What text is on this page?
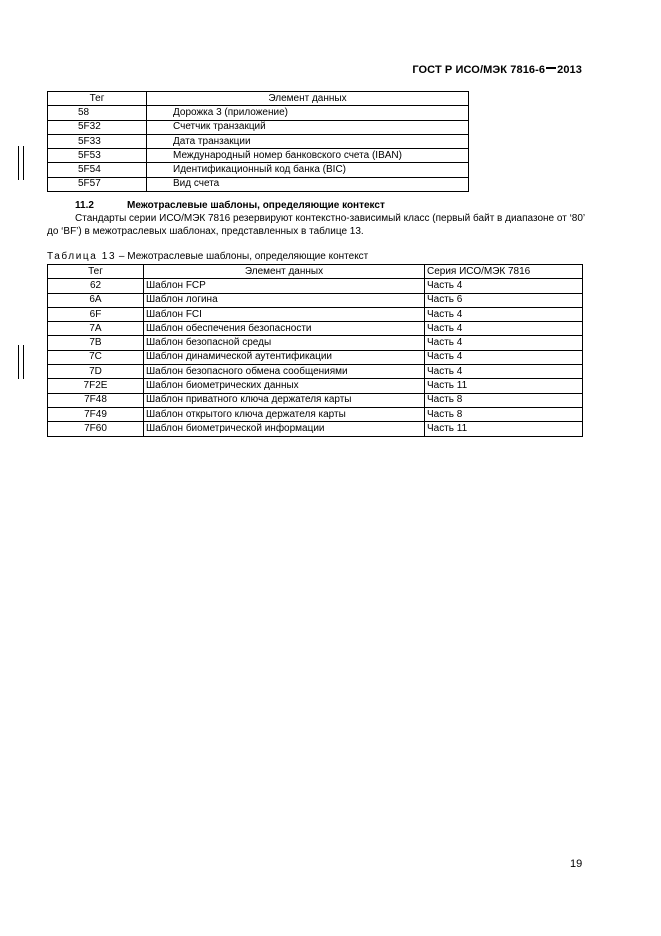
ГОСТ Р ИСО/МЭК 7816-6 2013
Тег	Элемент данных
58	Дорожка 3 (приложение)
5F32	Счетчик транзакций
5F33	Дата транзакции
5F53	Международный номер банковского счета (IBAN)
5F54	Идентификационный код банка (BIC)
5F57	Вид счета
11.2	Межотраслевые шаблоны, определяющие контекст
Стандарты серии ИСО/МЭК 7816 резервируют контекстно-зависимый класс (первый байт в диапазоне от ‘80’ до ‘BF’) в межотраслевых шаблонах, представленных в таблице 13.
Таблица 13 – Межотраслевые шаблоны, определяющие контекст
Тег	Элемент данных	Серия ИСО/МЭК 7816
62	Шаблон FCP	Часть 4
6A	Шаблон логина	Часть 6
6F	Шаблон FCI	Часть 4
7A	Шаблон обеспечения безопасности	Часть 4
7B	Шаблон безопасной среды	Часть 4
7C	Шаблон динамической аутентификации	Часть 4
7D	Шаблон безопасного обмена сообщениями	Часть 4
7F2E	Шаблон биометрических данных	Часть 11
7F48	Шаблон приватного ключа держателя карты	Часть 8
7F49	Шаблон открытого ключа держателя карты	Часть 8
7F60	Шаблон биометрической информации	Часть 11
19
